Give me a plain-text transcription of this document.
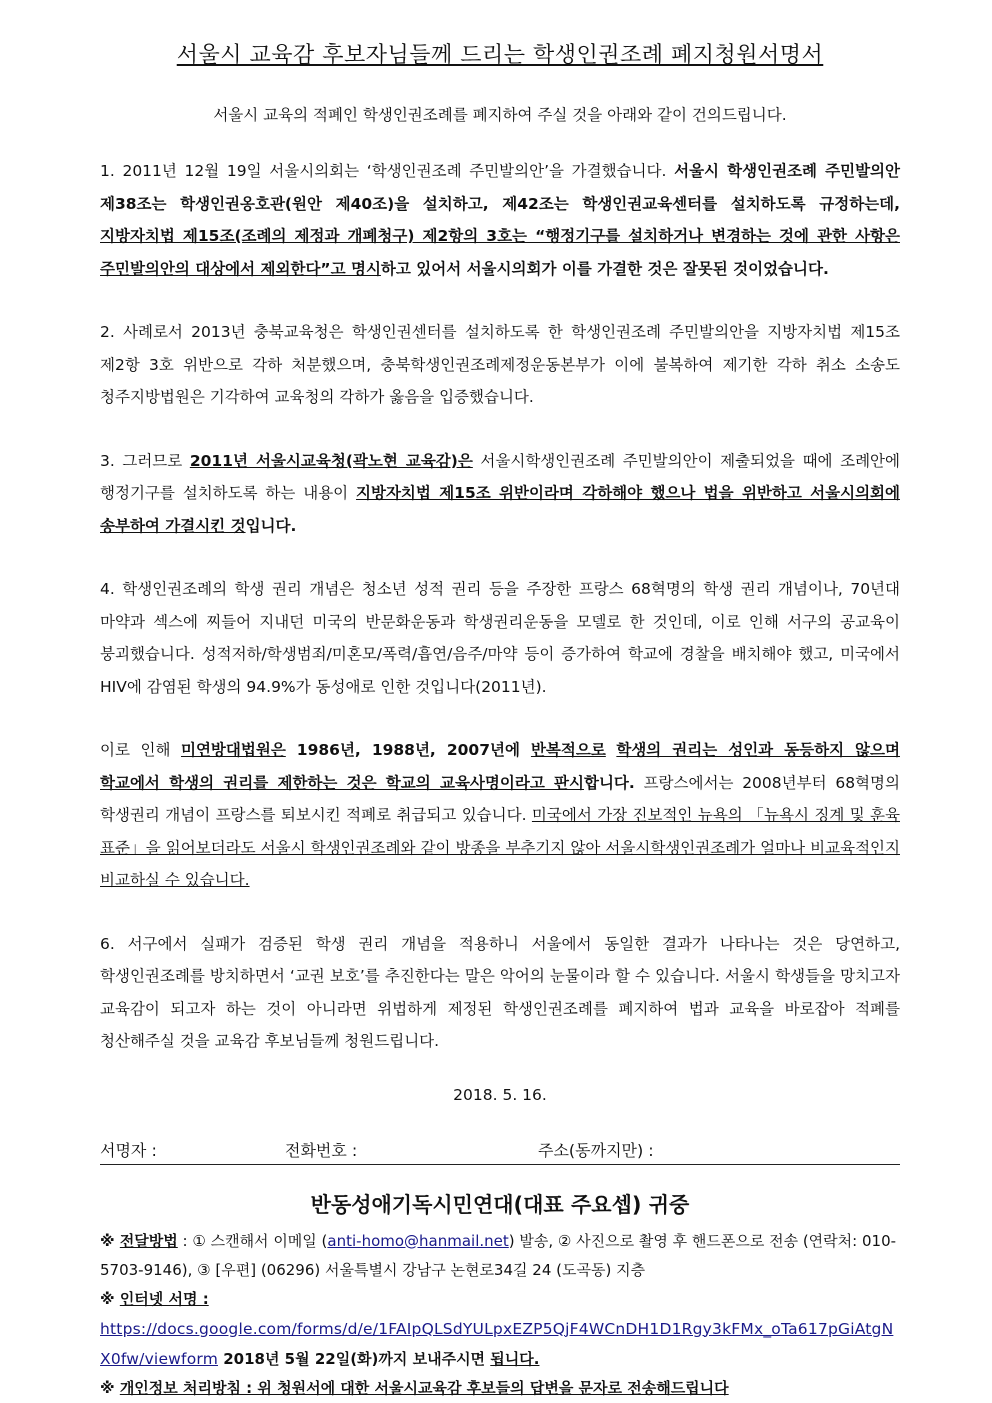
서울시 교육감 후보자님들께 드리는 학생인권조례 폐지청원서명서
서울시 교육의 적폐인 학생인권조례를 폐지하여 주실 것을 아래와 같이 건의드립니다.

1. 2011년 12월 19일 서울시의회는 ‘학생인권조례 주민발의안’을 가결했습니다. 서울시 학생인권조례 주민발의안 제38조는 학생인권옹호관(원안 제40조)을 설치하고, 제42조는 학생인권교육센터를 설치하도록 규정하는데, 지방자치법 제15조(조례의 제정과 개폐청구) 제2항의 3호는 “행정기구를 설치하거나 변경하는 것에 관한 사항은 주민발의안의 대상에서 제외한다”고 명시하고 있어서 서울시의회가 이를 가결한 것은 잘못된 것이었습니다.

2. 사례로서 2013년 충북교육청은 학생인권센터를 설치하도록 한 학생인권조례 주민발의안을 지방자치법 제15조 제2항 3호 위반으로 각하 처분했으며, 충북학생인권조례제정운동본부가 이에 불복하여 제기한 각하 취소 소송도 청주지방법원은 기각하여 교육청의 각하가 옳음을 입증했습니다.

3. 그러므로 2011년 서울시교육청(곽노현 교육감)은 서울시학생인권조례 주민발의안이 제출되었을 때에 조례안에 행정기구를 설치하도록 하는 내용이 지방자치법 제15조 위반이라며 각하해야 했으나 법을 위반하고 서울시의회에 송부하여 가결시킨 것입니다.

4. 학생인권조례의 학생 권리 개념은 청소년 성적 권리 등을 주장한 프랑스 68혁명의 학생 권리 개념이나, 70년대 마약과 섹스에 찌들어 지내던 미국의 반문화운동과 학생권리운동을 모델로 한 것인데, 이로 인해 서구의 공교육이 붕괴했습니다. 성적저하/학생범죄/미혼모/폭력/흡연/음주/마약 등이 증가하여 학교에 경찰을 배치해야 했고, 미국에서 HIV에 감염된 학생의 94.9%가 동성애로 인한 것입니다(2011년).

이로 인해 미연방대법원은 1986년, 1988년, 2007년에 반복적으로 학생의 권리는 성인과 동등하지 않으며 학교에서 학생의 권리를 제한하는 것은 학교의 교육사명이라고 판시합니다. 프랑스에서는 2008년부터 68혁명의 학생권리 개념이 프랑스를 퇴보시킨 적폐로 취급되고 있습니다. 미국에서 가장 진보적인 뉴욕의 「뉴욕시 징계 및 훈육 표준」을 읽어보더라도 서울시 학생인권조례와 같이 방종을 부추기지 않아 서울시학생인권조례가 얼마나 비교육적인지 비교하실 수 있습니다.

6. 서구에서 실패가 검증된 학생 권리 개념을 적용하니 서울에서 동일한 결과가 나타나는 것은 당연하고, 학생인권조례를 방치하면서 ‘교권 보호’를 추진한다는 말은 악어의 눈물이라 할 수 있습니다. 서울시 학생들을 망치고자 교육감이 되고자 하는 것이 아니라면 위법하게 제정된 학생인권조례를 폐지하여 법과 교육을 바로잡아 적폐를 청산해주실 것을 교육감 후보님들께 청원드립니다.

2018. 5. 16.
서명자 :	전화번호 :	주소(동까지만) :
반동성애기독시민연대(대표 주요셉) 귀중

※ 전달방법 : ① 스캔해서 이메일 (anti-homo@hanmail.net) 발송, ② 사진으로 촬영 후 핸드폰으로 전송 (연락처: 010-5703-9146), ③ [우편] (06296) 서울특별시 강남구 논현로34길 24 (도곡동) 지층

※ 인터넷 서명 :

https://docs.google.com/forms/d/e/1FAIpQLSdYULpxEZP5QjF4WCnDH1D1Rgy3kFMx_oTa617pGiAtgNX0fw/viewform 2018년 5월 22일(화)까지 보내주시면 됩니다.

※ 개인정보 처리방침 : 위 청원서에 대한 서울시교육감 후보들의 답변을 문자로 전송해드립니다
